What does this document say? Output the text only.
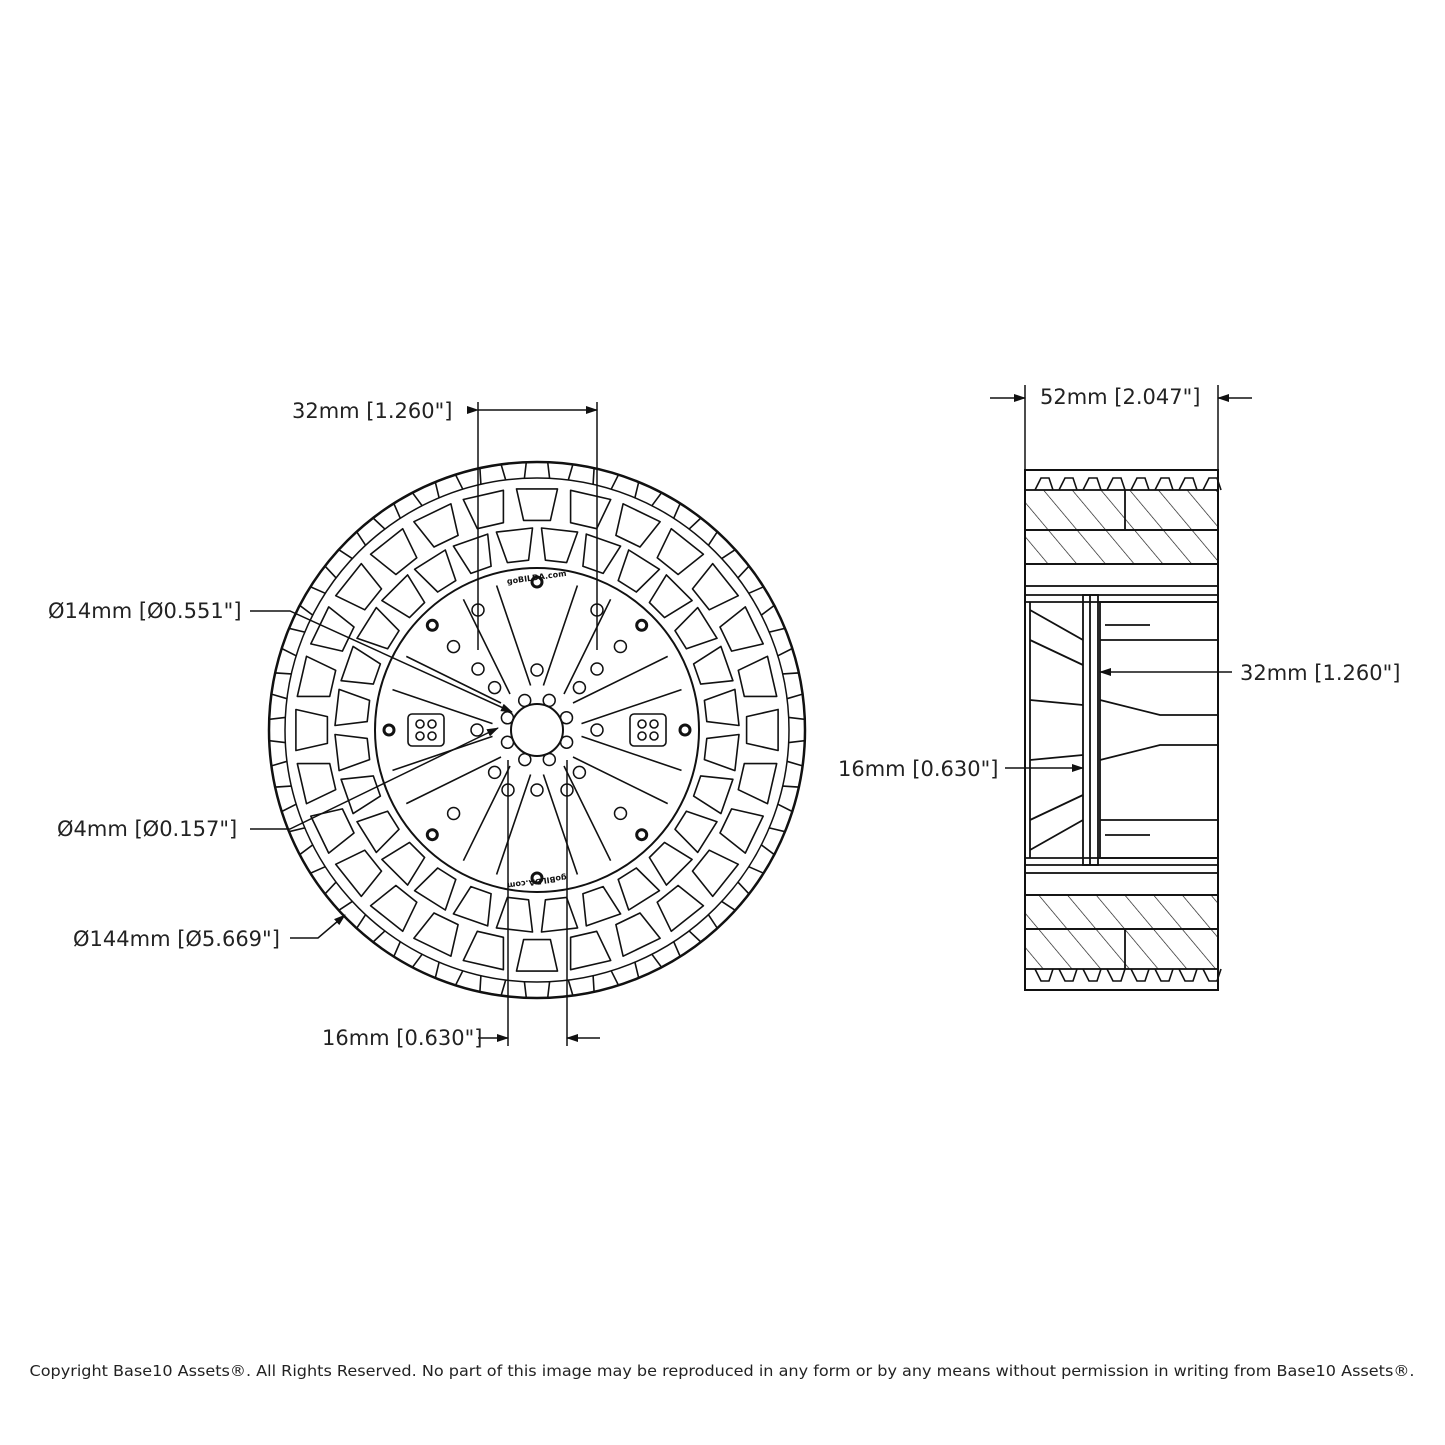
goBILDA.com
goBILDA.com
32mm [1.260"]
Ø14mm [Ø0.551"]
Ø4mm [Ø0.157"]
Ø144mm [Ø5.669"]
16mm [0.630"]
52mm [2.047"]
32mm [1.260"]
16mm [0.630"]
Copyright Base10 Assets®. All Rights Reserved. No part of this image may be reproduced in any form or by any means without permission in writing from Base10 Assets®.
